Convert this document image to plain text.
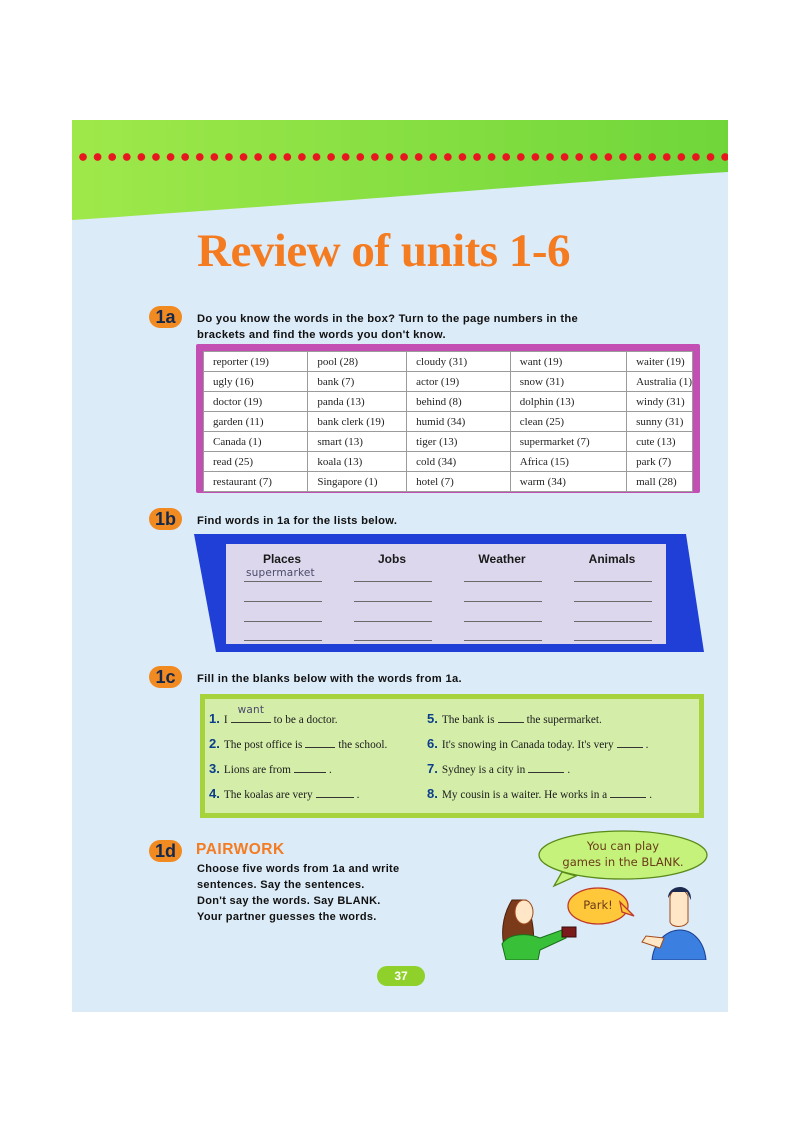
Review of units 1-6
1a	Do you know the words in the box? Turn to the page numbers in the
brackets and find the words you don't know.
reporter (19)	pool (28)	cloudy (31)	want (19)	waiter (19)
ugly (16)	bank (7)	actor (19)	snow (31)	Australia (1)
doctor (19)	panda (13)	behind (8)	dolphin (13)	windy (31)
garden (11)	bank clerk (19)	humid (34)	clean (25)	sunny (31)
Canada (1)	smart (13)	tiger (13)	supermarket (7)	cute (13)
read (25)	koala (13)	cold (34)	Africa (15)	park (7)
restaurant (7)	Singapore (1)	hotel (7)	warm (34)	mall (28)
1b	Find words in 1a for the lists below.
Places	Jobs	Weather	Animals
supermarket
1c	Fill in the blanks below with the words from 1a.
1. I
want
to be a doctor.
2. The post office is	the school.
3. Lions are from	.
4. The koalas are very	.
5. The bank is	the supermarket.
6. It's snowing in Canada today. It's very	.
7. Sydney is a city in	.
8. My cousin is a waiter. He works in a	.
1d	PAIRWORK
Choose five words from 1a and write
sentences. Say the sentences.
Don't say the words. Say BLANK.
Your partner guesses the words.
You can play
games in the BLANK.
Park!
37
